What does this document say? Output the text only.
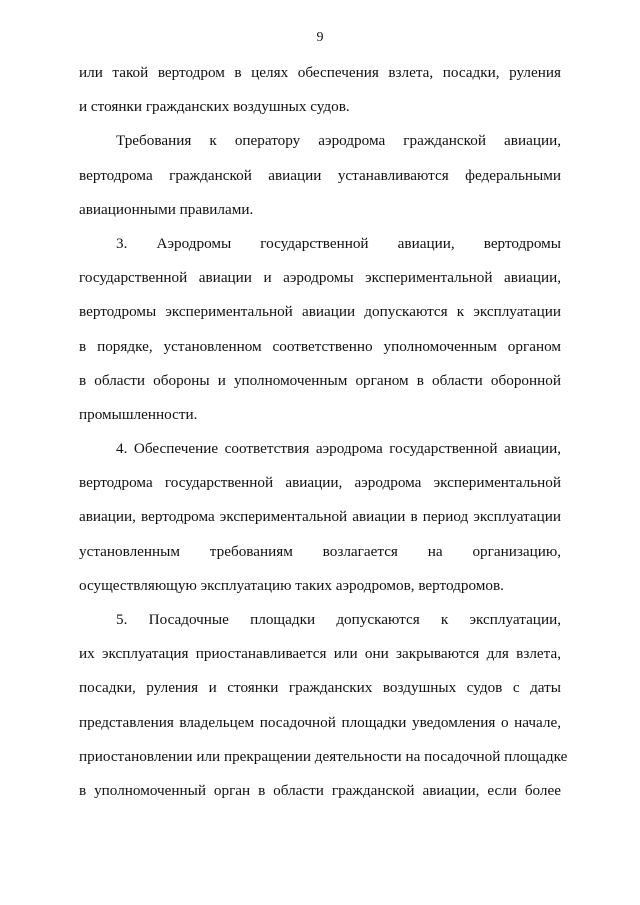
9
или такой вертодром в целях обеспечения взлета, посадки, руления
и стоянки гражданских воздушных судов.
Требования к оператору аэродрома гражданской авиации,
вертодрома гражданской авиации устанавливаются федеральными
авиационными правилами.
3. Аэродромы государственной авиации, вертодромы
государственной авиации и аэродромы экспериментальной авиации,
вертодромы экспериментальной авиации допускаются к эксплуатации
в порядке, установленном соответственно уполномоченным органом
в области обороны и уполномоченным органом в области оборонной
промышленности.
4. Обеспечение соответствия аэродрома государственной авиации,
вертодрома государственной авиации, аэродрома экспериментальной
авиации, вертодрома экспериментальной авиации в период эксплуатации
установленным требованиям возлагается на организацию,
осуществляющую эксплуатацию таких аэродромов, вертодромов.
5. Посадочные площадки допускаются к эксплуатации,
их эксплуатация приостанавливается или они закрываются для взлета,
посадки, руления и стоянки гражданских воздушных судов с даты
представления владельцем посадочной площадки уведомления о начале,
приостановлении или прекращении деятельности на посадочной площадке
в уполномоченный орган в области гражданской авиации, если более
